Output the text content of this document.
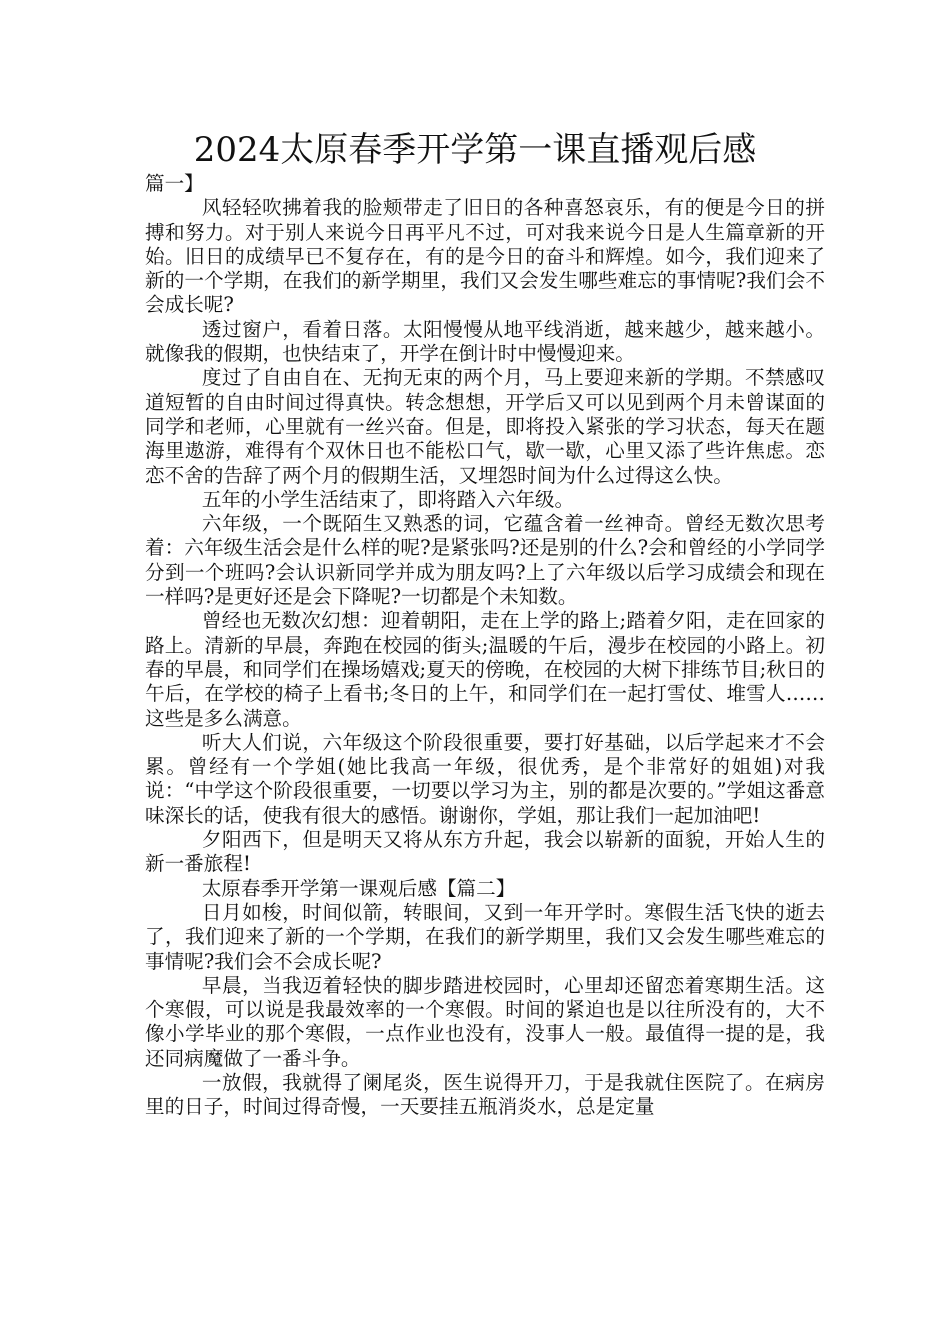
2024太原春季开学第一课直播观后感

篇一】

风轻轻吹拂着我的脸颊带走了旧日的各种喜怒哀乐，有的便是今日的拼搏和努力。对于别人来说今日再平凡不过，可对我来说今日是人生篇章新的开始。旧日的成绩早已不复存在，有的是今日的奋斗和辉煌。如今，我们迎来了新的一个学期，在我们的新学期里，我们又会发生哪些难忘的事情呢?我们会不会成长呢?

透过窗户，看着日落。太阳慢慢从地平线消逝，越来越少，越来越小。就像我的假期，也快结束了，开学在倒计时中慢慢迎来。

度过了自由自在、无拘无束的两个月，马上要迎来新的学期。不禁感叹道短暂的自由时间过得真快。转念想想，开学后又可以见到两个月未曾谋面的同学和老师，心里就有一丝兴奋。但是，即将投入紧张的学习状态，每天在题海里遨游，难得有个双休日也不能松口气，歇一歇，心里又添了些许焦虑。恋恋不舍的告辞了两个月的假期生活，又埋怨时间为什么过得这么快。

五年的小学生活结束了，即将踏入六年级。

六年级，一个既陌生又熟悉的词，它蕴含着一丝神奇。曾经无数次思考着：六年级生活会是什么样的呢?是紧张吗?还是别的什么?会和曾经的小学同学分到一个班吗?会认识新同学并成为朋友吗?上了六年级以后学习成绩会和现在一样吗?是更好还是会下降呢?一切都是个未知数。

曾经也无数次幻想：迎着朝阳，走在上学的路上;踏着夕阳，走在回家的路上。清新的早晨，奔跑在校园的街头;温暖的午后，漫步在校园的小路上。初春的早晨，和同学们在操场嬉戏;夏天的傍晚，在校园的大树下排练节目;秋日的午后，在学校的椅子上看书;冬日的上午，和同学们在一起打雪仗、堆雪人……这些是多么满意。

听大人们说，六年级这个阶段很重要，要打好基础，以后学起来才不会累。曾经有一个学姐(她比我高一年级，很优秀，是个非常好的姐姐)对我说：“中学这个阶段很重要，一切要以学习为主，别的都是次要的。”学姐这番意味深长的话，使我有很大的感悟。谢谢你，学姐，那让我们一起加油吧!

夕阳西下，但是明天又将从东方升起，我会以崭新的面貌，开始人生的新一番旅程!

太原春季开学第一课观后感【篇二】

日月如梭，时间似箭，转眼间，又到一年开学时。寒假生活飞快的逝去了，我们迎来了新的一个学期，在我们的新学期里，我们又会发生哪些难忘的事情呢?我们会不会成长呢?

早晨，当我迈着轻快的脚步踏进校园时，心里却还留恋着寒期生活。这个寒假，可以说是我最效率的一个寒假。时间的紧迫也是以往所没有的，大不像小学毕业的那个寒假，一点作业也没有，没事人一般。最值得一提的是，我还同病魔做了一番斗争。

一放假，我就得了阑尾炎，医生说得开刀，于是我就住医院了。在病房里的日子，时间过得奇慢，一天要挂五瓶消炎水，总是定量
